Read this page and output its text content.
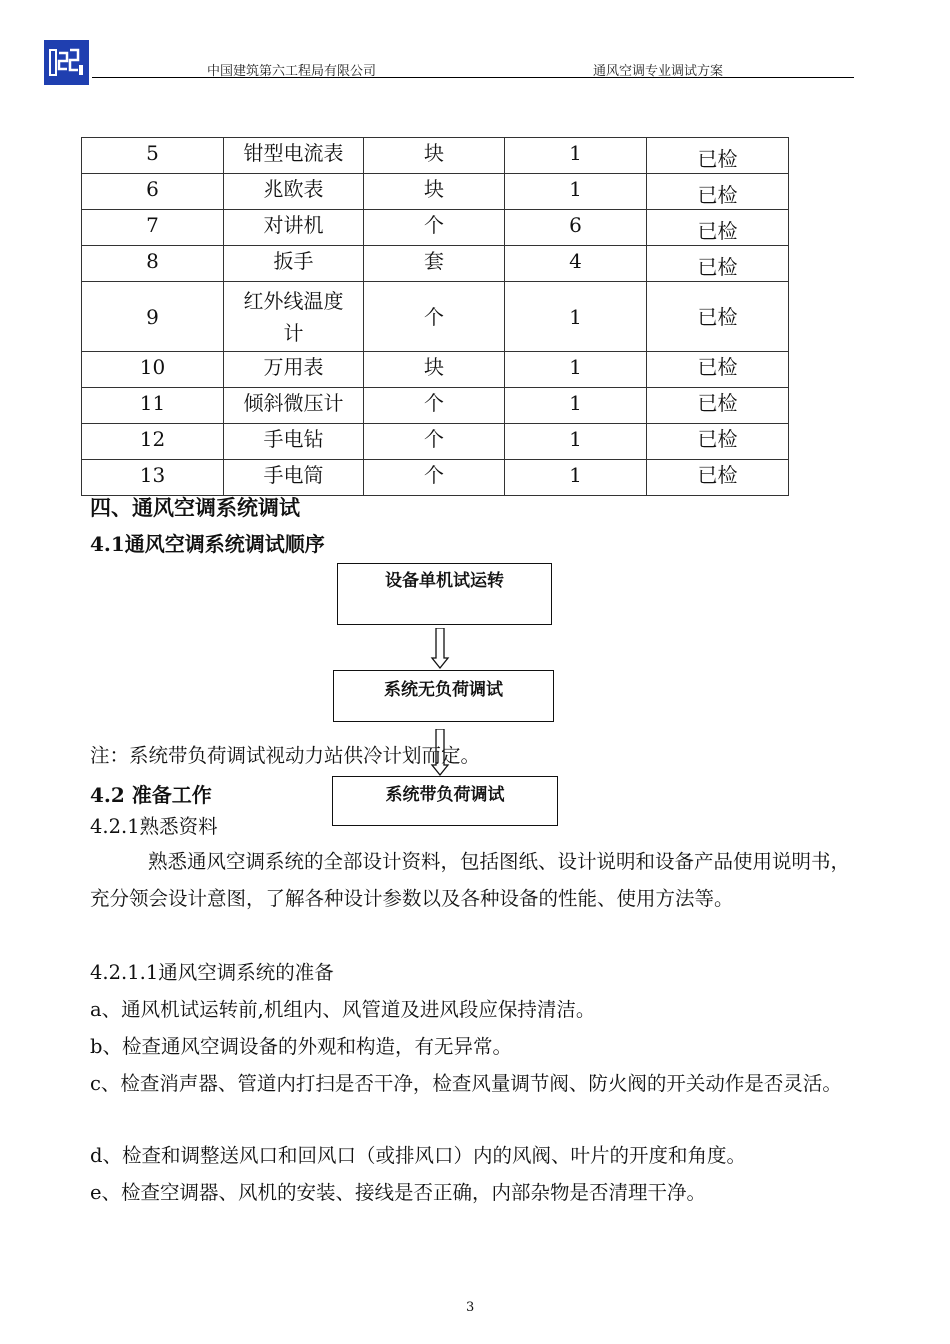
中国建筑第六工程局有限公司	通风空调专业调试方案
5	钳型电流表	块	1	已检
6	兆欧表	块	1	已检
7	对讲机	个	6	已检
8	扳手	套	4	已检
9	红外线温度计	个	1	已检
10	万用表	块	1	已检
11	倾斜微压计	个	1	已检
12	手电钻	个	1	已检
13	手电筒	个	1	已检
四、通风空调系统调试
4.1通风空调系统调试顺序
设备单机试运转
系统无负荷调试
注：系统带负荷调试视动力站供冷计划而定。
4.2 准备工作	系统带负荷调试
4.2.1熟悉资料
熟悉通风空调系统的全部设计资料，包括图纸、设计说明和设备产品使用说明书，充分领会设计意图，了解各种设计参数以及各种设备的性能、使用方法等。
4.2.1.1通风空调系统的准备
a、通风机试运转前,机组内、风管道及进风段应保持清洁。
b、检查通风空调设备的外观和构造，有无异常。
c、检查消声器、管道内打扫是否干净，检查风量调节阀、防火阀的开关动作是否灵活。
d、检查和调整送风口和回风口（或排风口）内的风阀、叶片的开度和角度。
e、检查空调器、风机的安装、接线是否正确，内部杂物是否清理干净。
3
